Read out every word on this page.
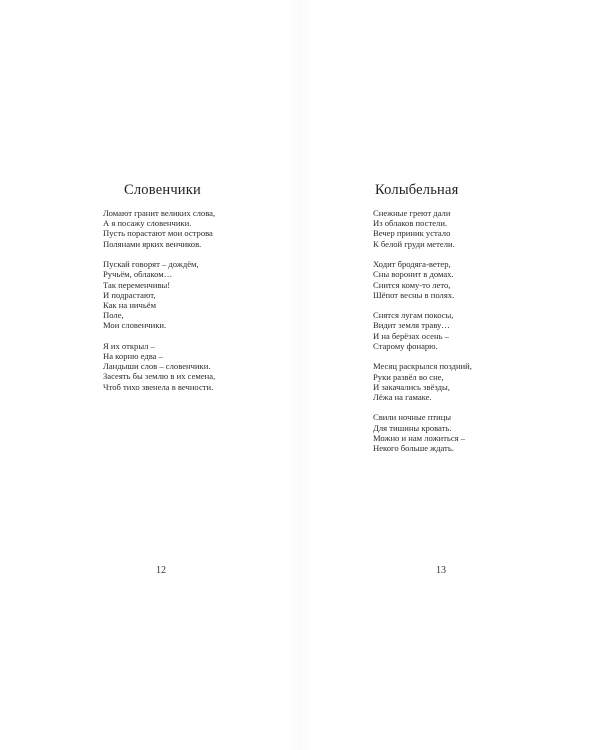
Словенчики
Ломают гранит великих слова,
А я посажу словенчики.
Пусть порастают мои острова
Полянами ярких венчиков.
Пускай говорят – дождём,
Ручьём, облаком…
Так переменчивы!
И подрастают,
Как на ничьём
Поле,
Мои словенчики.
Я их открыл –
На корню едва –
Ландыши слов – словенчики.
Засеять бы землю в их семена,
Чтоб тихо звенела в вечности.
12
Колыбельная
Снежные греют дали
Из облаков постели.
Вечер приник устало
К белой груди метели.
Ходит бродяга-ветер,
Сны воронит в домах.
Снится кому-то лето,
Шёпот весны в полях.
Снятся лугам покосы,
Видит земля траву…
И на берёзах осень –
Старому фонарю.
Месяц раскрылся поздний,
Руки развёл во сне,
И закачались звёзды,
Лёжа на гамаке.
Свили ночные птицы
Для тишины кровать.
Можно и нам ложиться –
Некого больше ждать.
13
